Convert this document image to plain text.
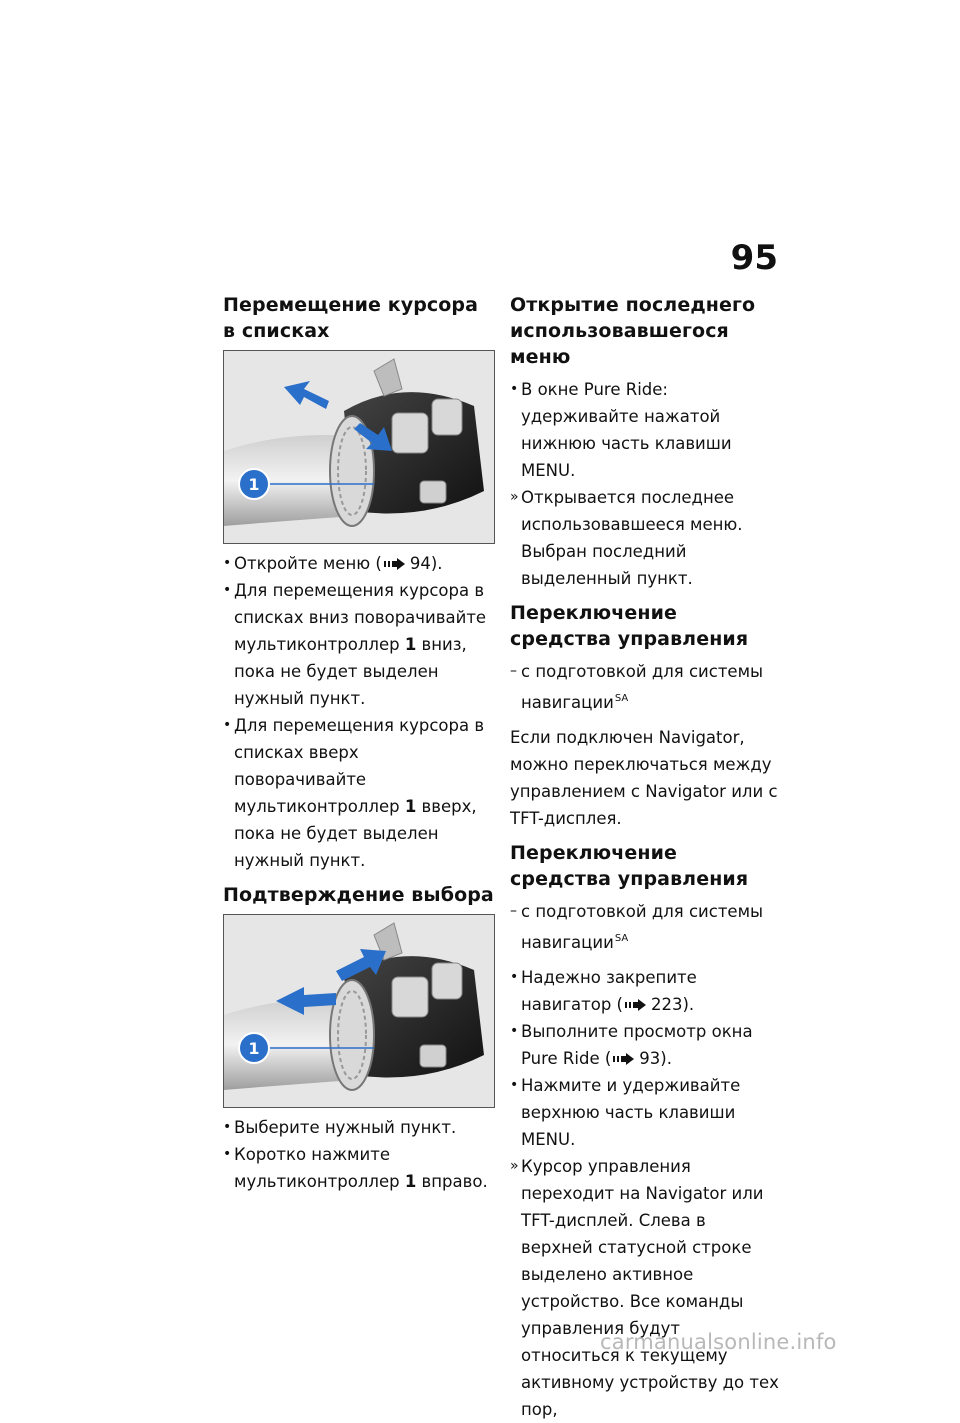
95
Перемещение курсора в списках
1
• Откройте меню ( 94).
• Для перемещения курсора в списках вниз поворачивайте мультиконтроллер 1 вниз, пока не будет выделен нужный пункт.
• Для перемещения курсора в списках вверх поворачивайте мультиконтроллер 1 вверх, пока не будет выделен нужный пункт.
Подтверждение выбора
1
• Выберите нужный пункт.
• Коротко нажмите мультиконтроллер 1 вправо.
Открытие последнего использовавшегося меню
• В окне Pure Ride: удерживайте нажатой нижнюю часть клавиши MENU.
» Открывается последнее использовавшееся меню. Выбран последний выделенный пункт.
Переключение средства управления
– с подготовкой для системы навигации$^{SA}$

Если подключен Navigator, можно переключаться между управлением с Navigator или с TFT-дисплея.

Переключение средства управления
– с подготовкой для системы навигации$^{SA}$
• Надежно закрепите навигатор ( 223).
• Выполните просмотр окна Pure Ride ( 93).
• Нажмите и удерживайте верхнюю часть клавиши MENU.
» Курсор управления переходит на Navigator или TFT-дисплей. Слева в верхней статусной строке выделено активное устройство. Все команды управления будут относиться к текущему активному устройству до тех пор,
carmanualsonline.info
